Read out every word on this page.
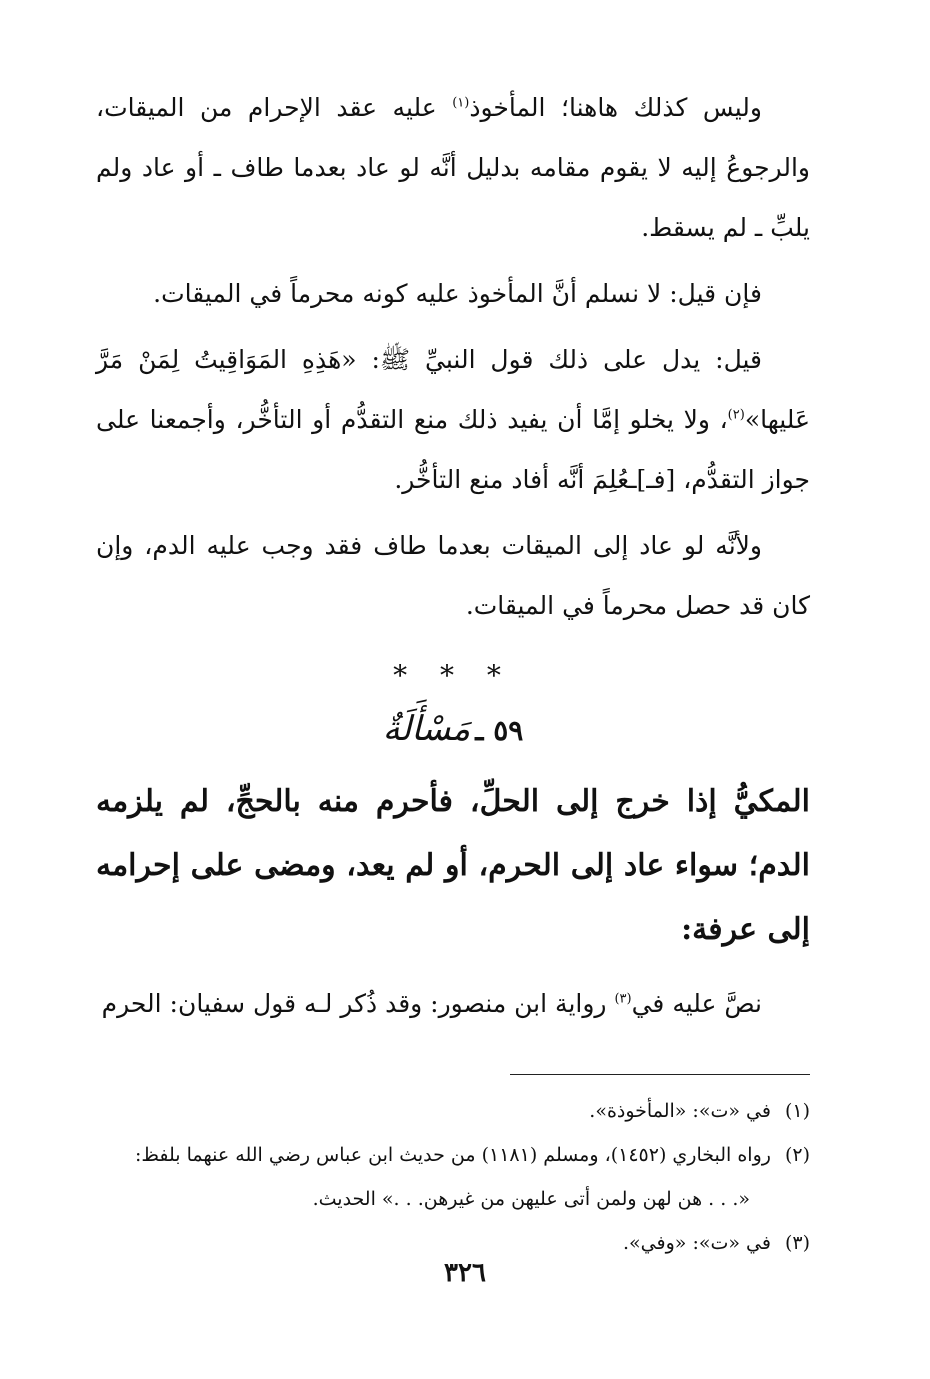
وليس كذلك هاهنا؛ المأخوذ$^{(١)}$ عليه عقد الإحرام من الميقات، والرجوعُ إليه لا يقوم مقامه بدليل أنَّه لو عاد بعدما طاف ـ أو عاد ولم يلبِّ ـ لم يسقط.

فإن قيل: لا نسلم أنَّ المأخوذ عليه كونه محرماً في الميقات.

قيل: يدل على ذلك قول النبيِّ ﷺ: «هَذِهِ المَوَاقِيتُ لِمَنْ مَرَّ عَليها»$^{(٢)}$، ولا يخلو إمَّا أن يفيد ذلك منع التقدُّم أو التأخُّر، وأجمعنا على جواز التقدُّم، [فـ]ـعُلِمَ أنَّه أفاد منع التأخُّر.

ولأنَّه لو عاد إلى الميقات بعدما طاف فقد وجب عليه الدم، وإن كان قد حصل محرماً في الميقات.

* * *
٥٩ ـ مَسْأَلَةٌ

المكيُّ إذا خرج إلى الحلِّ، فأحرم منه بالحجِّ، لم يلزمه الدم؛ سواء عاد إلى الحرم، أو لم يعد، ومضى على إحرامه إلى عرفة:

نصَّ عليه في$^{(٣)}$ رواية ابن منصور: وقد ذُكر لـه قول سفيان: الحرم

(١)في «ت»: «المأخوذة».

(٢)رواه البخاري (١٤٥٢)، ومسلم (١١٨١) من حديث ابن عباس رضي الله عنهما بلفظ:

«. . . هن لهن ولمن أتى عليهن من غيرهن. . .» الحديث.

(٣)في «ت»: «وفي».

٣٢٦
